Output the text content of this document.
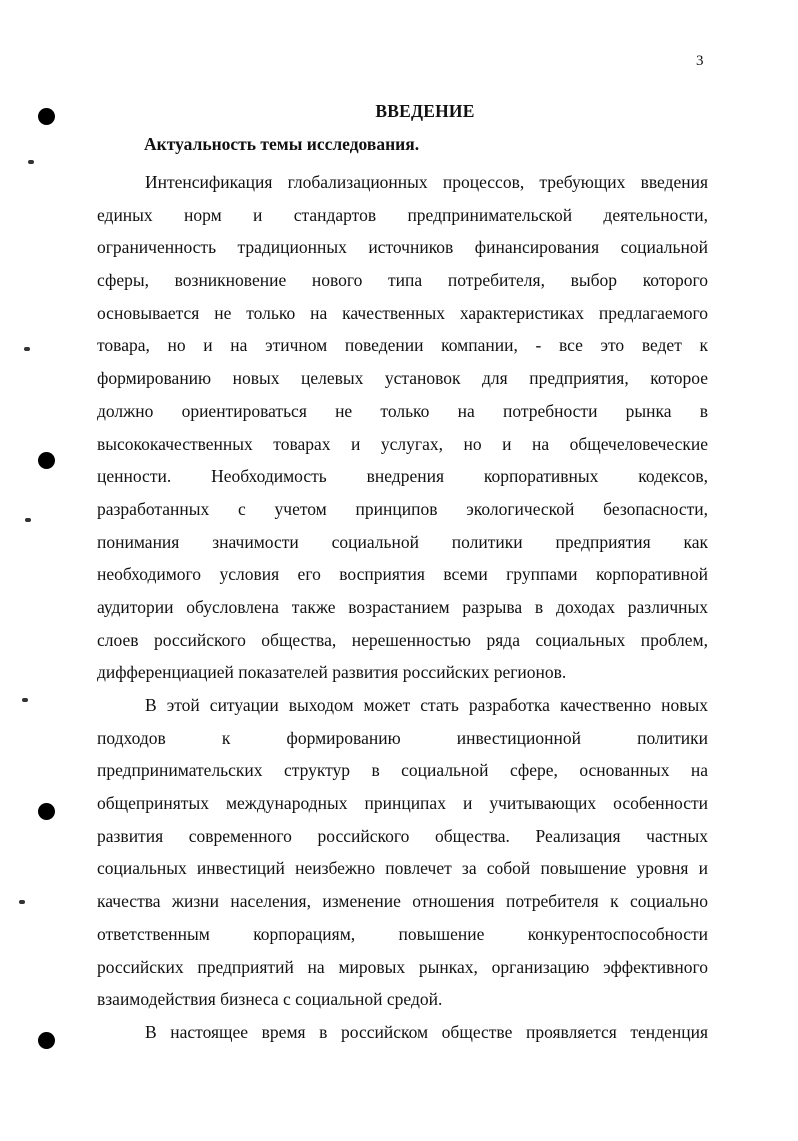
3
ВВЕДЕНИЕ
Актуальность темы исследования.
Интенсификация глобализационных процессов, требующих введения
единых норм и стандартов предпринимательской деятельности,
ограниченность традиционных источников финансирования социальной
сферы, возникновение нового типа потребителя, выбор которого
основывается не только на качественных характеристиках предлагаемого
товара, но и на этичном поведении компании, - все это ведет к
формированию новых целевых установок для предприятия, которое
должно ориентироваться не только на потребности рынка в
высококачественных товарах и услугах, но и на общечеловеческие
ценности. Необходимость внедрения корпоративных кодексов,
разработанных с учетом принципов экологической безопасности,
понимания значимости социальной политики предприятия как
необходимого условия его восприятия всеми группами корпоративной
аудитории обусловлена также возрастанием разрыва в доходах различных
слоев российского общества, нерешенностью ряда социальных проблем,
дифференциацией показателей развития российских регионов.
В этой ситуации выходом может стать разработка качественно новых
подходов к формированию инвестиционной политики
предпринимательских структур в социальной сфере, основанных на
общепринятых международных принципах и учитывающих особенности
развития современного российского общества. Реализация частных
социальных инвестиций неизбежно повлечет за собой повышение уровня и
качества жизни населения, изменение отношения потребителя к социально
ответственным корпорациям, повышение конкурентоспособности
российских предприятий на мировых рынках, организацию эффективного
взаимодействия бизнеса с социальной средой.
В настоящее время в российском обществе проявляется тенденция
